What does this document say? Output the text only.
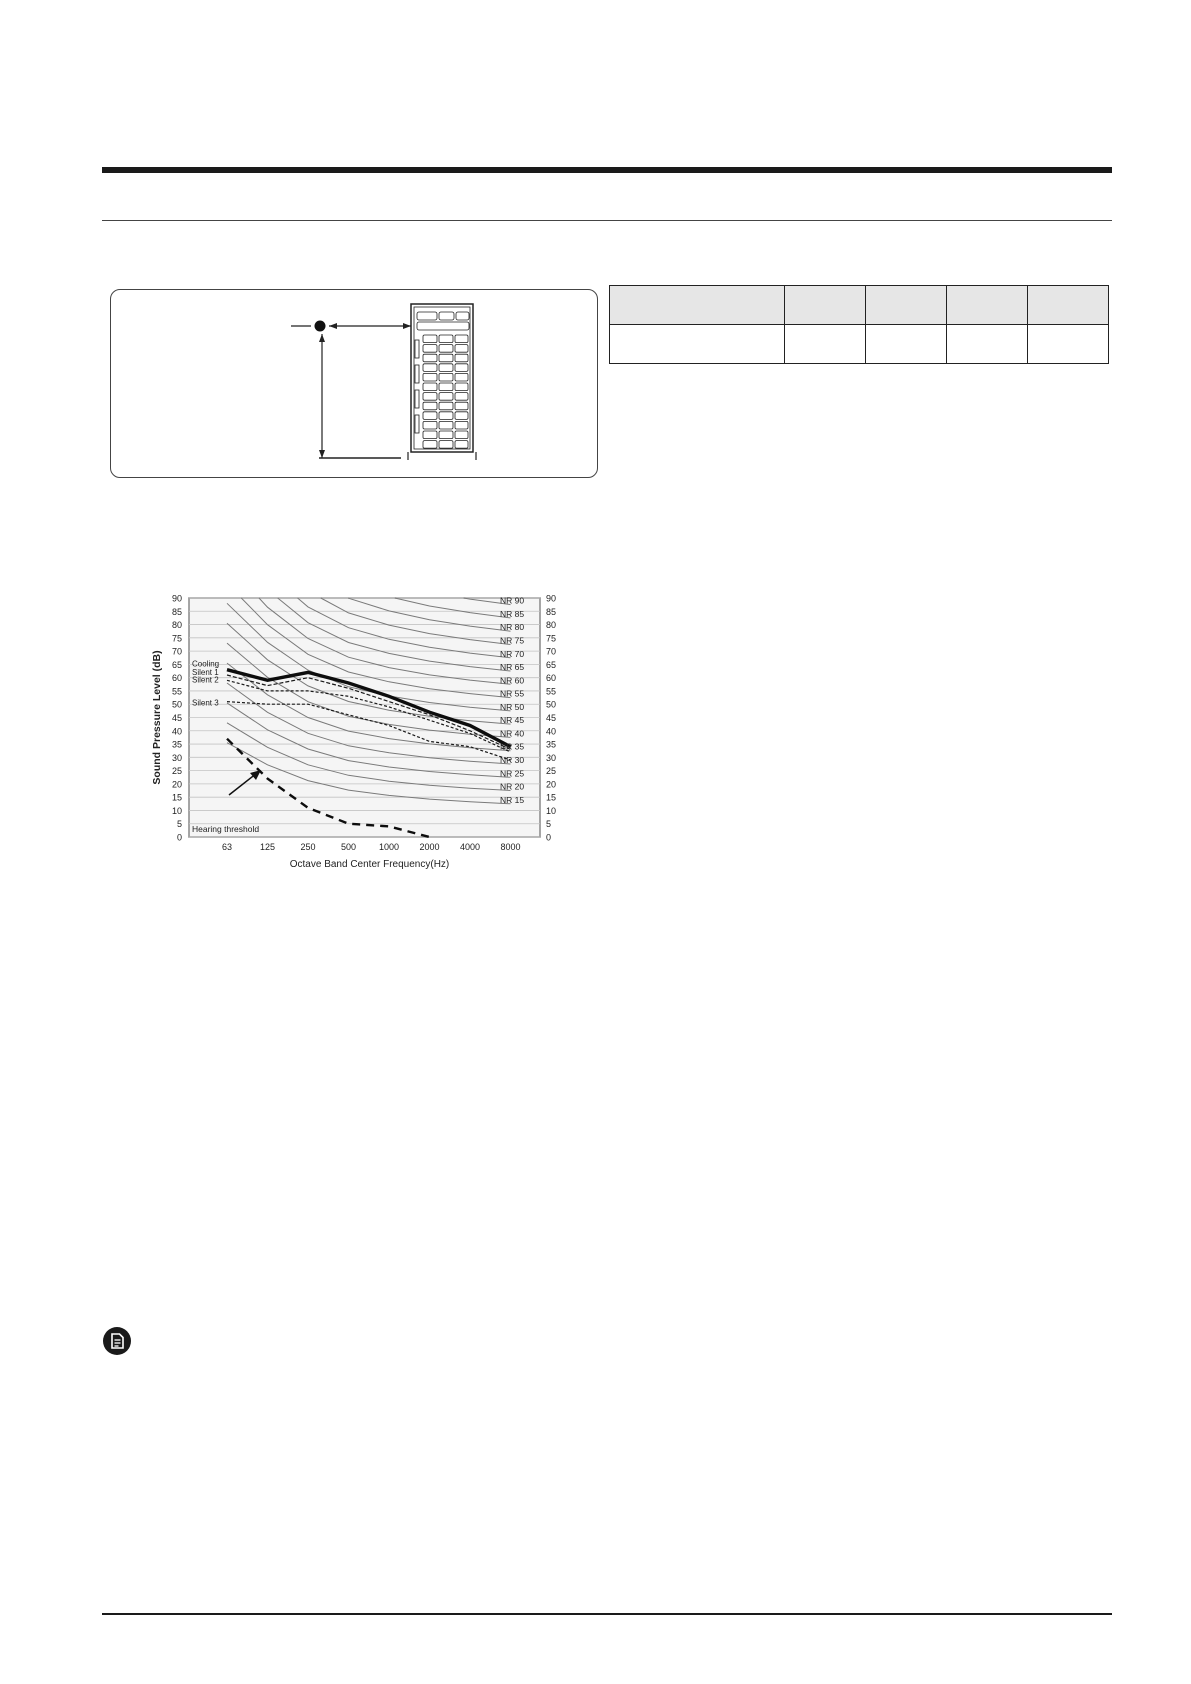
0
5
10
15
20
25
30
35
40
45
50
55
60
65
70
75
80
85
90
0
5
10
15
20
25
30
35
40
45
50
55
60
65
70
75
80
85
90
63	125	250	500	1000 2000 4000 8000
NR 90
NR 85
NR 80
NR 75
NR 70
NR 65
NR 60
NR 55
NR 50
NR 45
NR 40
NR 35
NR 30
NR 25
NR 20
NR 15
Cooling
Silent 1
Silent 2
Silent 3
Hearing threshold
Octave Band Center Frequency(Hz)
Sound Pressure Level (dB)
